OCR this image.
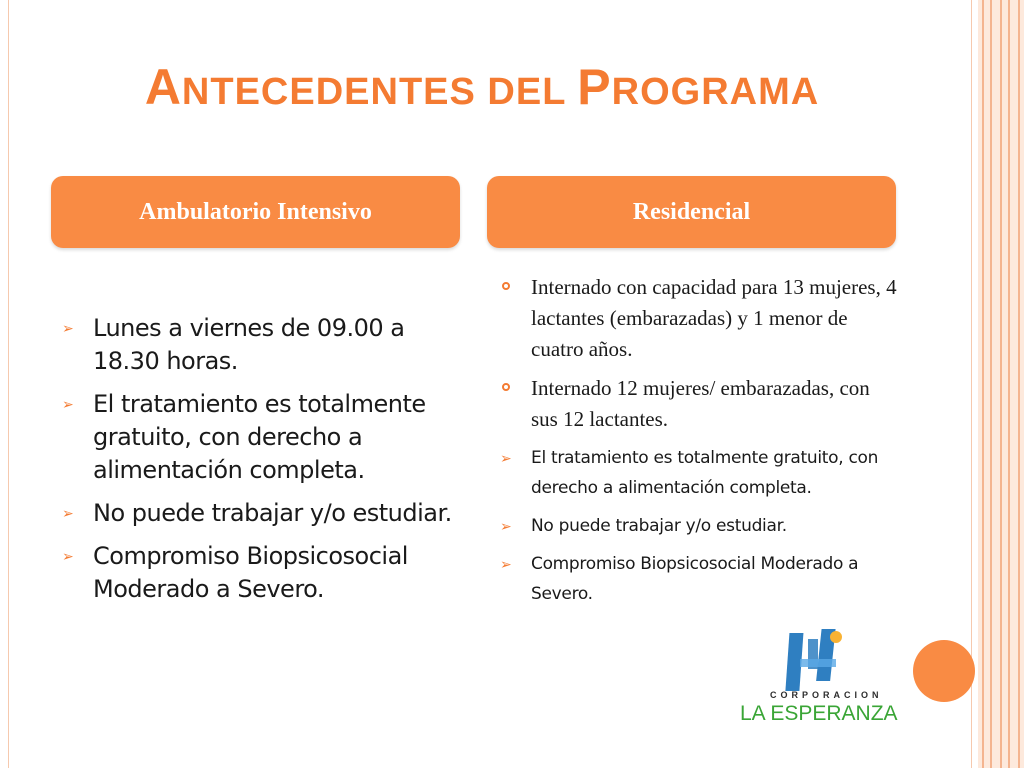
ANTECEDENTES DEL PROGRAMA
Ambulatorio Intensivo	Residencial
➢ Lunes a viernes de 09.00 a 18.30 horas.
➢ El tratamiento es totalmente gratuito, con derecho a alimentación completa.
➢ No puede trabajar y/o estudiar.
➢ Compromiso Biopsicosocial Moderado a Severo.
Internado con capacidad para 13 mujeres, 4 lactantes (embarazadas) y 1 menor de cuatro años.
Internado 12 mujeres/ embarazadas, con sus 12 lactantes.
➢ El tratamiento es totalmente gratuito, con derecho a alimentación completa.
➢ No puede trabajar y/o estudiar.
➢ Compromiso Biopsicosocial Moderado a Severo.
CORPORACION
LA ESPERANZA
